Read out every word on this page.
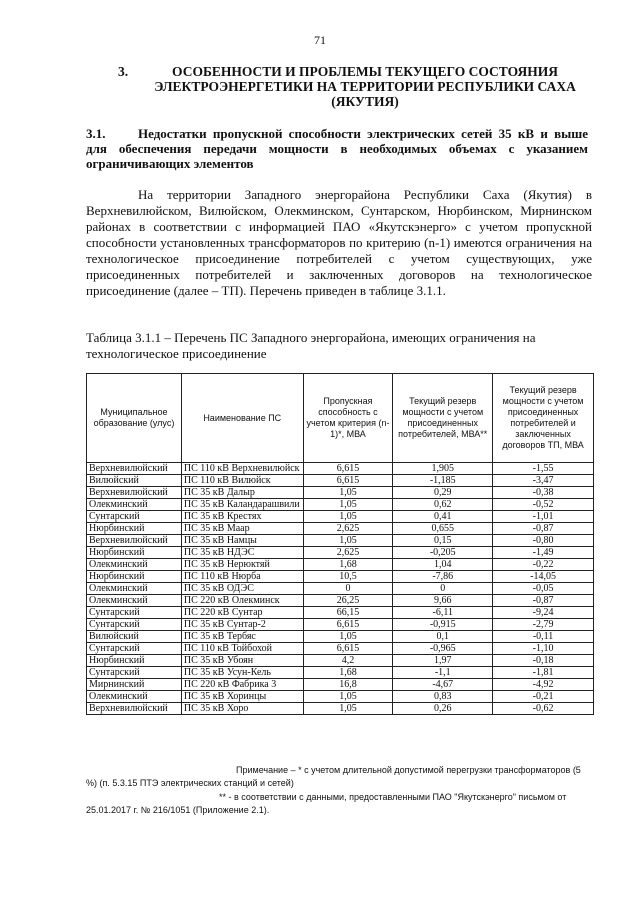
71
3.	ОСОБЕННОСТИ И ПРОБЛЕМЫ ТЕКУЩЕГО СОСТОЯНИЯ ЭЛЕКТРОЭНЕРГЕТИКИ НА ТЕРРИТОРИИ РЕСПУБЛИКИ САХА (ЯКУТИЯ)
3.1.	Недостатки пропускной способности электрических сетей 35 кВ и выше для обеспечения передачи мощности в необходимых объемах с указанием ограничивающих элементов
На территории Западного энергорайона Республики Саха (Якутия) в Верхневилюйском, Вилюйском, Олекминском, Сунтарском, Нюрбинском, Мирнинском районах в соответствии с информацией ПАО «Якутскэнерго» с учетом пропускной способности установленных трансформаторов по критерию (n-1) имеются ограничения на технологическое присоединение потребителей с учетом существующих, уже присоединенных потребителей и заключенных договоров на технологическое присоединение (далее – ТП). Перечень приведен в таблице 3.1.1.
Таблица 3.1.1 – Перечень ПС Западного энергорайона, имеющих ограничения на технологическое присоединение
Муниципальное образование (улус)	Наименование ПС	Пропускная способность с учетом критерия (n-1)*, МВА	Текущий резерв мощности с учетом присоединенных потребителей, МВА**	Текущий резерв мощности с учетом присоединенных потребителей и заключенных договоров ТП, МВА
Верхневилюйский	ПС 110 кВ Верхневилюйск	6,615	1,905	-1,55
Вилюйский	ПС 110 кВ Вилюйск	6,615	-1,185	-3,47
Верхневилюйский	ПС 35 кВ Далыр	1,05	0,29	-0,38
Олекминский	ПС 35 кВ Каландарашвили	1,05	0,62	-0,52
Сунтарский	ПС 35 кВ Крестях	1,05	0,41	-1,01
Нюрбинский	ПС 35 кВ Маар	2,625	0,655	-0,87
Верхневилюйский	ПС 35 кВ Намцы	1,05	0,15	-0,80
Нюрбинский	ПС 35 кВ НДЭС	2,625	-0,205	-1,49
Олекминский	ПС 35 кВ Нерюктяй	1,68	1,04	-0,22
Нюрбинский	ПС 110 кВ Нюрба	10,5	-7,86	-14,05
Олекминский	ПС 35 кВ ОДЭС	0	0	-0,05
Олекминский	ПС 220 кВ Олекминск	26,25	9,66	-0,87
Сунтарский	ПС 220 кВ Сунтар	66,15	-6,11	-9,24
Сунтарский	ПС 35 кВ Сунтар-2	6,615	-0,915	-2,79
Вилюйский	ПС 35 кВ Тербяс	1,05	0,1	-0,11
Сунтарский	ПС 110 кВ Тойбохой	6,615	-0,965	-1,10
Нюрбинский	ПС 35 кВ Убоян	4,2	1,97	-0,18
Сунтарский	ПС 35 кВ Усун-Кель	1,68	-1,1	-1,81
Мирнинский	ПС 220 кВ Фабрика 3	16,8	-4,67	-4,92
Олекминский	ПС 35 кВ Хоринцы	1,05	0,83	-0,21
Верхневилюйский	ПС 35 кВ Хоро	1,05	0,26	-0,62
Примечание – * с учетом длительной допустимой перегрузки трансформаторов (5 %) (п. 5.3.15 ПТЭ электрических станций и сетей)
** - в соответствии с данными, предоставленными ПАО "Якутскэнерго" письмом от 25.01.2017 г. № 216/1051 (Приложение 2.1).
